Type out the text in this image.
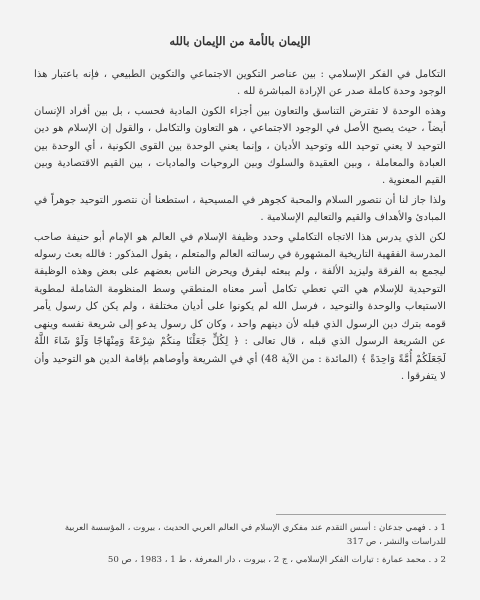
الإيمان بالأمة من الإيمان بالله
التكامل في الفكر الإسلامي : بين عناصر التكوين الاجتماعي والتكوين الطبيعي ، فإنه باعتبار هذا الوجود وحدة كاملة صدر عن الإرادة المباشرة لله .
وهذه الوحدة لا تفترض التناسق والتعاون بين أجزاء الكون المادية فحسب ، بل بين أفراد الإنسان أيضاً ، حيث يصبح الأصل في الوجود الاجتماعي ، هو التعاون والتكامل ، والقول إن الإسلام هو دين التوحيد لا يعني توحيد الله وتوحيد الأديان ، وإنما يعني الوحدة بين القوى الكونية ، أي الوحدة بين العبادة والمعاملة ، وبين العقيدة والسلوك وبين الروحيات والماديات ، بين القيم الاقتصادية وبين القيم المعنوية .
ولذا جاز لنا أن نتصور السلام والمحبة كجوهر في المسيحية ، استطعنا أن نتصور التوحيد جوهراً في المبادئ والأهداف والقيم والتعاليم الإسلامية .
لكن الذي يدرس هذا الاتجاه التكاملي وحدد وظيفة الإسلام في العالم هو الإمام أبو حنيفة صاحب المدرسة الفقهية التاريخية المشهورة في رسالته العالم والمتعلم ، يقول المذكور : فالله بعث رسوله ليجمع به الفرقة وليزيد الألفة ، ولم يبعثه ليفرق ويحرض الناس بعضهم على بعض وهذه الوظيفة التوحيدية للإسلام هي التي تعطي تكامل أسر معناه المنطقي وسط المنظومة الشاملة لمطوية الاستيعاب والوحدة والتوحيد ، فرسل الله لم يكونوا على أديان مختلفة ، ولم يكن كل رسول يأمر قومه بترك دين الرسول الذي قبله لأن دينهم واحد ، وكان كل رسول يدعو إلى شريعة نفسه وينهى عن الشريعة الرسول الذي قبله ، قال تعالى : ﴿ لِكُلٍّ جَعَلْنَا مِنكُمْ شِرْعَةً وَمِنْهَاجًا وَلَوْ شَاءَ اللَّهُ لَجَعَلَكُمْ أُمَّةً وَاحِدَةً ﴾ (المائدة : من الآية 48) أي في الشريعة وأوصاهم بإقامة الدين هو التوحيد وأن لا يتفرقوا .
1 د . فهمي جدعان : أسس التقدم عند مفكري الإسلام في العالم العربي الحديث ، بيروت ، المؤسسة العربية للدراسات والنشر ، ص 317
2 د . محمد عمارة : تيارات الفكر الإسلامي ، ج 2 ، بيروت ، دار المعرفة ، ط 1 ، 1983 ، ص 50
